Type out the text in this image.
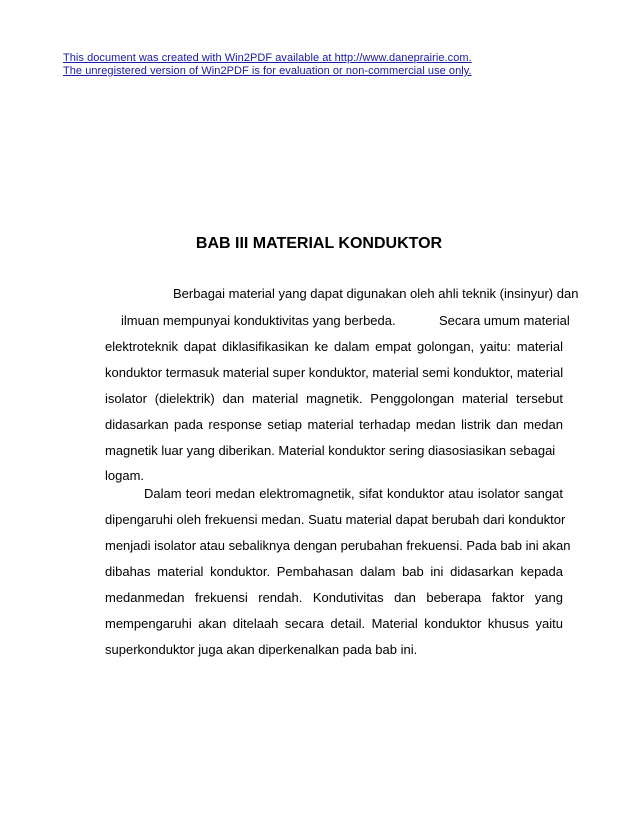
This document was created with Win2PDF available at http://www.daneprairie.com.
The unregistered version of Win2PDF is for evaluation or non-commercial use only.
BAB III MATERIAL KONDUKTOR
Berbagai material yang dapat digunakan oleh ahli teknik (insinyur) dan
ilmuan mempunyai konduktivitas yang berbeda.	Secara umum material
elektroteknik dapat diklasifikasikan ke dalam empat golongan, yaitu: material
konduktor termasuk material super konduktor, material semi konduktor, material
isolator (dielektrik) dan material magnetik. Penggolongan material tersebut
didasarkan pada response setiap material terhadap medan listrik dan medan
magnetik luar yang diberikan. Material konduktor sering diasosiasikan sebagai
logam.
Dalam teori medan elektromagnetik, sifat konduktor atau isolator sangat
dipengaruhi oleh frekuensi medan. Suatu material dapat berubah dari konduktor
menjadi isolator atau sebaliknya dengan perubahan frekuensi. Pada bab ini akan
dibahas material konduktor. Pembahasan dalam bab ini didasarkan kepada
medanmedan frekuensi rendah. Kondutivitas dan beberapa faktor yang
mempengaruhi akan ditelaah secara detail. Material konduktor khusus yaitu
superkonduktor juga akan diperkenalkan pada bab ini.
